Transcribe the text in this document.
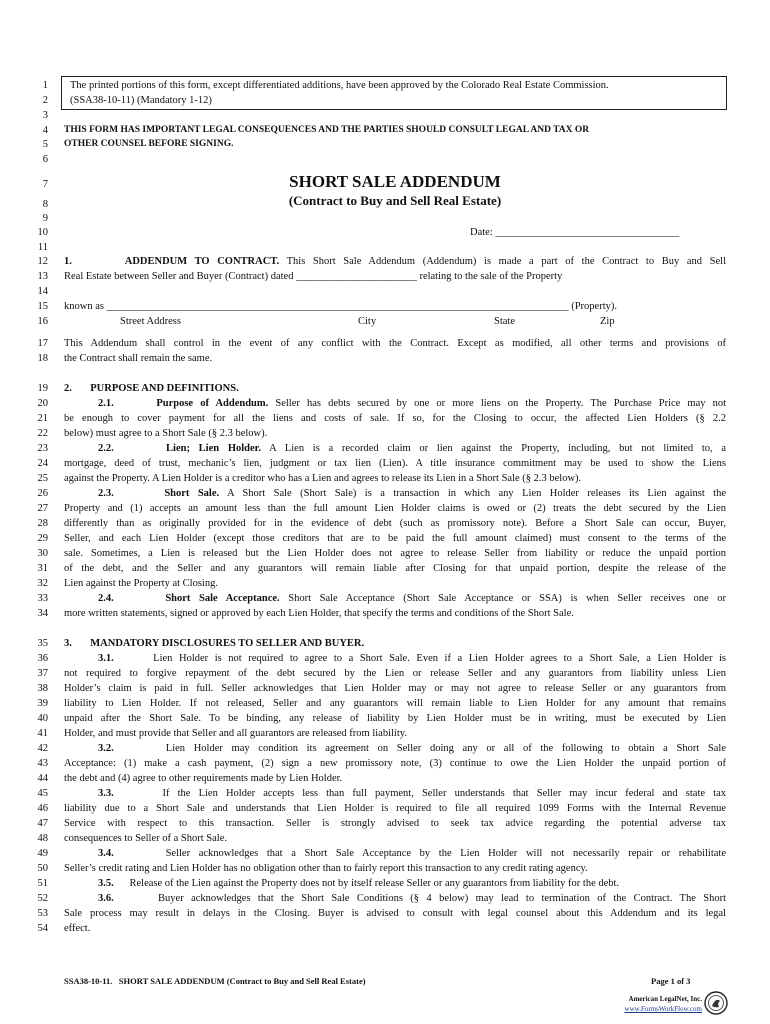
1
2
3
4
5
6
7
8
9
10
11
12
13
14
15
16
17
18
19
20
21
22
23
24
25
26
27
28
29
30
31
32
33
34
35
36
37
38
39
40
41
42
43
44
45
46
47
48
49
50
51
52
53
54
The printed portions of this form, except differentiated additions, have been approved by the Colorado Real Estate Commission.
(SSA38-10-11) (Mandatory 1-12)
THIS FORM HAS IMPORTANT LEGAL CONSEQUENCES AND THE PARTIES SHOULD CONSULT LEGAL AND TAX OR
OTHER COUNSEL BEFORE SIGNING.
SHORT SALE ADDENDUM
(Contract to Buy and Sell Real Estate)
Date: ___________________________________
1.       ADDENDUM TO CONTRACT. This Short Sale Addendum (Addendum) is made a part of the Contract to Buy and Sell
Real Estate between Seller and Buyer (Contract) dated _______________________ relating to the sale of the Property
known as ________________________________________________________________________________________ (Property).
Street Address	City	State	Zip
This Addendum shall control in the event of any conflict with the Contract. Except as modified, all other terms and provisions of
the Contract shall remain the same.
2.       PURPOSE AND DEFINITIONS.
2.1.	Purpose of Addendum. Seller has debts secured by one or more liens on the Property. The Purchase Price may not
be enough to cover payment for all the liens and costs of sale. If so, for the Closing to occur, the affected Lien Holders (§ 2.2
below) must agree to a Short Sale (§ 2.3 below).
2.2.	Lien; Lien Holder. A Lien is a recorded claim or lien against the Property, including, but not limited to, a
mortgage, deed of trust, mechanic’s lien, judgment or tax lien (Lien). A title insurance commitment may be used to show the Liens
against the Property. A Lien Holder is a creditor who has a Lien and agrees to release its Lien in a Short Sale (§ 2.3 below).
2.3.	Short Sale. A Short Sale (Short Sale) is a transaction in which any Lien Holder releases its Lien against the
Property and (1) accepts an amount less than the full amount Lien Holder claims is owed or (2) treats the debt secured by the Lien
differently than as originally provided for in the evidence of debt (such as promissory note). Before a Short Sale can occur, Buyer,
Seller, and each Lien Holder (except those creditors that are to be paid the full amount claimed) must consent to the terms of the
sale. Sometimes, a Lien is released but the Lien Holder does not agree to release Seller from liability or reduce the unpaid portion
of the debt, and the Seller and any guarantors will remain liable after Closing for that unpaid portion, despite the release of the
Lien against the Property at Closing.
2.4.	Short Sale Acceptance. Short Sale Acceptance (Short Sale Acceptance or SSA) is when Seller receives one or
more written statements, signed or approved by each Lien Holder, that specify the terms and conditions of the Short Sale.
3.       MANDATORY DISCLOSURES TO SELLER AND BUYER.
3.1.	Lien Holder is not required to agree to a Short Sale. Even if a Lien Holder agrees to a Short Sale, a Lien Holder is
not required to forgive repayment of the debt secured by the Lien or release Seller and any guarantors from liability unless Lien
Holder’s claim is paid in full. Seller acknowledges that Lien Holder may or may not agree to release Seller or any guarantors from
liability to Lien Holder. If not released, Seller and any guarantors will remain liable to Lien Holder for any amount that remains
unpaid after the Short Sale. To be binding, any release of liability by Lien Holder must be in writing, must be executed by Lien
Holder, and must provide that Seller and all guarantors are released from liability.
3.2.	Lien Holder may condition its agreement on Seller doing any or all of the following to obtain a Short Sale
Acceptance: (1) make a cash payment, (2) sign a new promissory note, (3) continue to owe the Lien Holder the unpaid portion of
the debt and (4) agree to other requirements made by Lien Holder.
3.3.	If the Lien Holder accepts less than full payment, Seller understands that Seller may incur federal and state tax
liability due to a Short Sale and understands that Lien Holder is required to file all required 1099 Forms with the Internal Revenue
Service with respect to this transaction. Seller is strongly advised to seek tax advice regarding the potential adverse tax
consequences to Seller of a Short Sale.
3.4.	Seller acknowledges that a Short Sale Acceptance by the Lien Holder will not necessarily repair or rehabilitate
Seller’s credit rating and Lien Holder has no obligation other than to fairly report this transaction to any credit rating agency.
3.5. Release of the Lien against the Property does not by itself release Seller or any guarantors from liability for the debt.
3.6.	Buyer acknowledges that the Short Sale Conditions (§ 4 below) may lead to termination of the Contract. The Short
Sale process may result in delays in the Closing. Buyer is advised to consult with legal counsel about this Addendum and its legal
effect.
SSA38-10-11.   SHORT SALE ADDENDUM (Contract to Buy and Sell Real Estate)	Page 1 of 3
American LegalNet, Inc.
www.FormsWorkFlow.com
